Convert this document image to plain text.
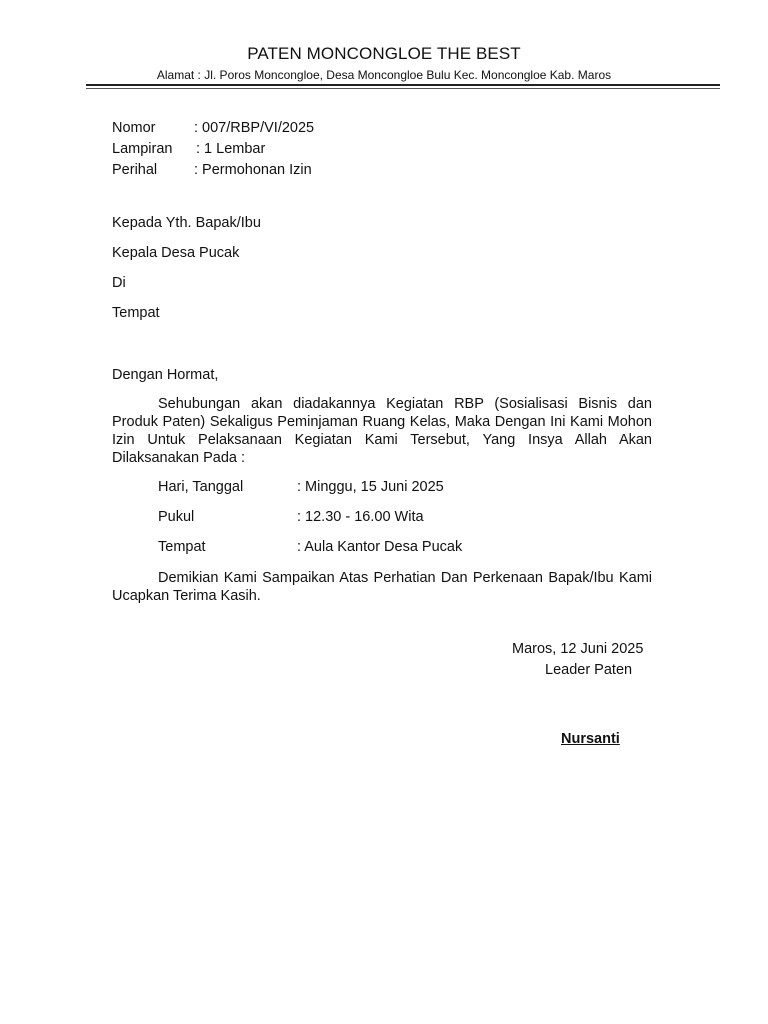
PATEN MONCONGLOE THE BEST
Alamat : Jl. Poros Moncongloe, Desa Moncongloe Bulu Kec. Moncongloe Kab. Maros
Nomor	: 007/RBP/VI/2025
Lampiran	: 1 Lembar
Perihal	: Permohonan Izin
Kepada Yth. Bapak/Ibu
Kepala Desa Pucak
Di
Tempat
Dengan Hormat,
Sehubungan akan diadakannya Kegiatan RBP (Sosialisasi Bisnis dan Produk Paten) Sekaligus Peminjaman Ruang Kelas, Maka Dengan Ini Kami Mohon Izin Untuk Pelaksanaan Kegiatan Kami Tersebut, Yang Insya Allah Akan Dilaksanakan Pada :
Hari, Tanggal	: Minggu, 15 Juni 2025
Pukul	: 12.30 - 16.00 Wita
Tempat	: Aula Kantor Desa Pucak
Demikian Kami Sampaikan Atas Perhatian Dan Perkenaan Bapak/Ibu Kami Ucapkan Terima Kasih.
Maros, 12 Juni 2025
Leader Paten
Nursanti
